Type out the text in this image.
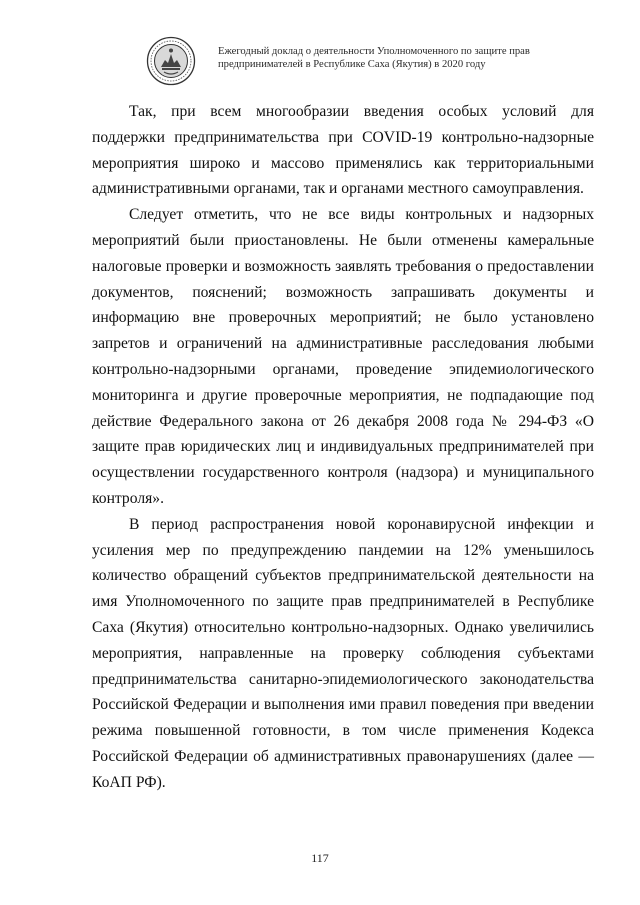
Ежегодный доклад о деятельности Уполномоченного по защите прав
предпринимателей в Республике Саха (Якутия) в 2020 году

Так, при всем многообразии введения особых условий для поддержки предпринимательства при COVID-19 контрольно-надзорные мероприятия широко и массово применялись как территориальными административными органами, так и органами местного самоуправления.

Следует отметить, что не все виды контрольных и надзорных мероприятий были приостановлены. Не были отменены камеральные налоговые проверки и возможность заявлять требования о предоставлении документов, пояснений; возможность запрашивать документы и информацию вне проверочных мероприятий; не было установлено запретов и ограничений на административные расследования любыми контрольно-надзорными органами, проведение эпидемиологического мониторинга и другие проверочные мероприятия, не подпадающие под действие Федерального закона от 26 декабря 2008 года № 294-ФЗ «О защите прав юридических лиц и индивидуальных предпринимателей при осуществлении государственного контроля (надзора) и муниципального контроля».

В период распространения новой коронавирусной инфекции и усиления мер по предупреждению пандемии на 12% уменьшилось количество обращений субъектов предпринимательской деятельности на имя Уполномоченного по защите прав предпринимателей в Республике Саха (Якутия) относительно контрольно-надзорных. Однако увеличились мероприятия, направленные на проверку соблюдения субъектами предпринимательства санитарно-эпидемиологического законодательства Российской Федерации и выполнения ими правил поведения при введении режима повышенной готовности, в том числе применения Кодекса Российской Федерации об административных правонарушениях (далее — КоАП РФ).

117
